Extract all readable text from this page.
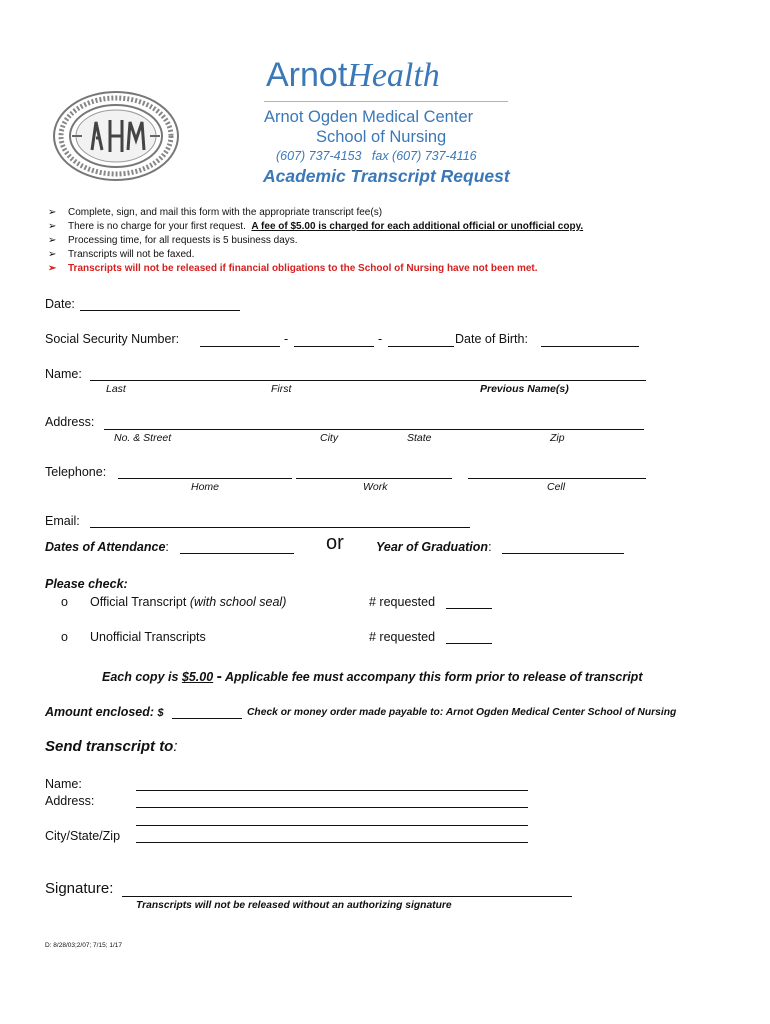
ArnotHealth
Arnot Ogden Medical Center
School of Nursing
(607) 737-4153   fax (607) 737-4116
Academic Transcript Request
➢ Complete, sign, and mail this form with the appropriate transcript fee(s)
➢ There is no charge for your first request. A fee of $5.00 is charged for each additional official or unofficial copy.
➢ Processing time, for all requests is 5 business days.
➢ Transcripts will not be faxed.
➢ Transcripts will not be released if financial obligations to the School of Nursing have not been met.
Date:
Social Security Number:	-	-	Date of Birth:
Name:
Last	First	Previous Name(s)
Address:
No. & Street	City	State	Zip
Telephone:
Home	Work	Cell
Email:
Dates of Attendance:	or	Year of Graduation:
Please check:
o Official Transcript (with school seal)	# requested
o Unofficial Transcripts	# requested
Each copy is $5.00 - Applicable fee must accompany this form prior to release of transcript
Amount enclosed: $	Check or money order made payable to: Arnot Ogden Medical Center School of Nursing
Send transcript to:
Name:
Address:
City/State/Zip
Signature:
Transcripts will not be released without an authorizing signature
D: 8/28/03;2/07; 7/15; 1/17
